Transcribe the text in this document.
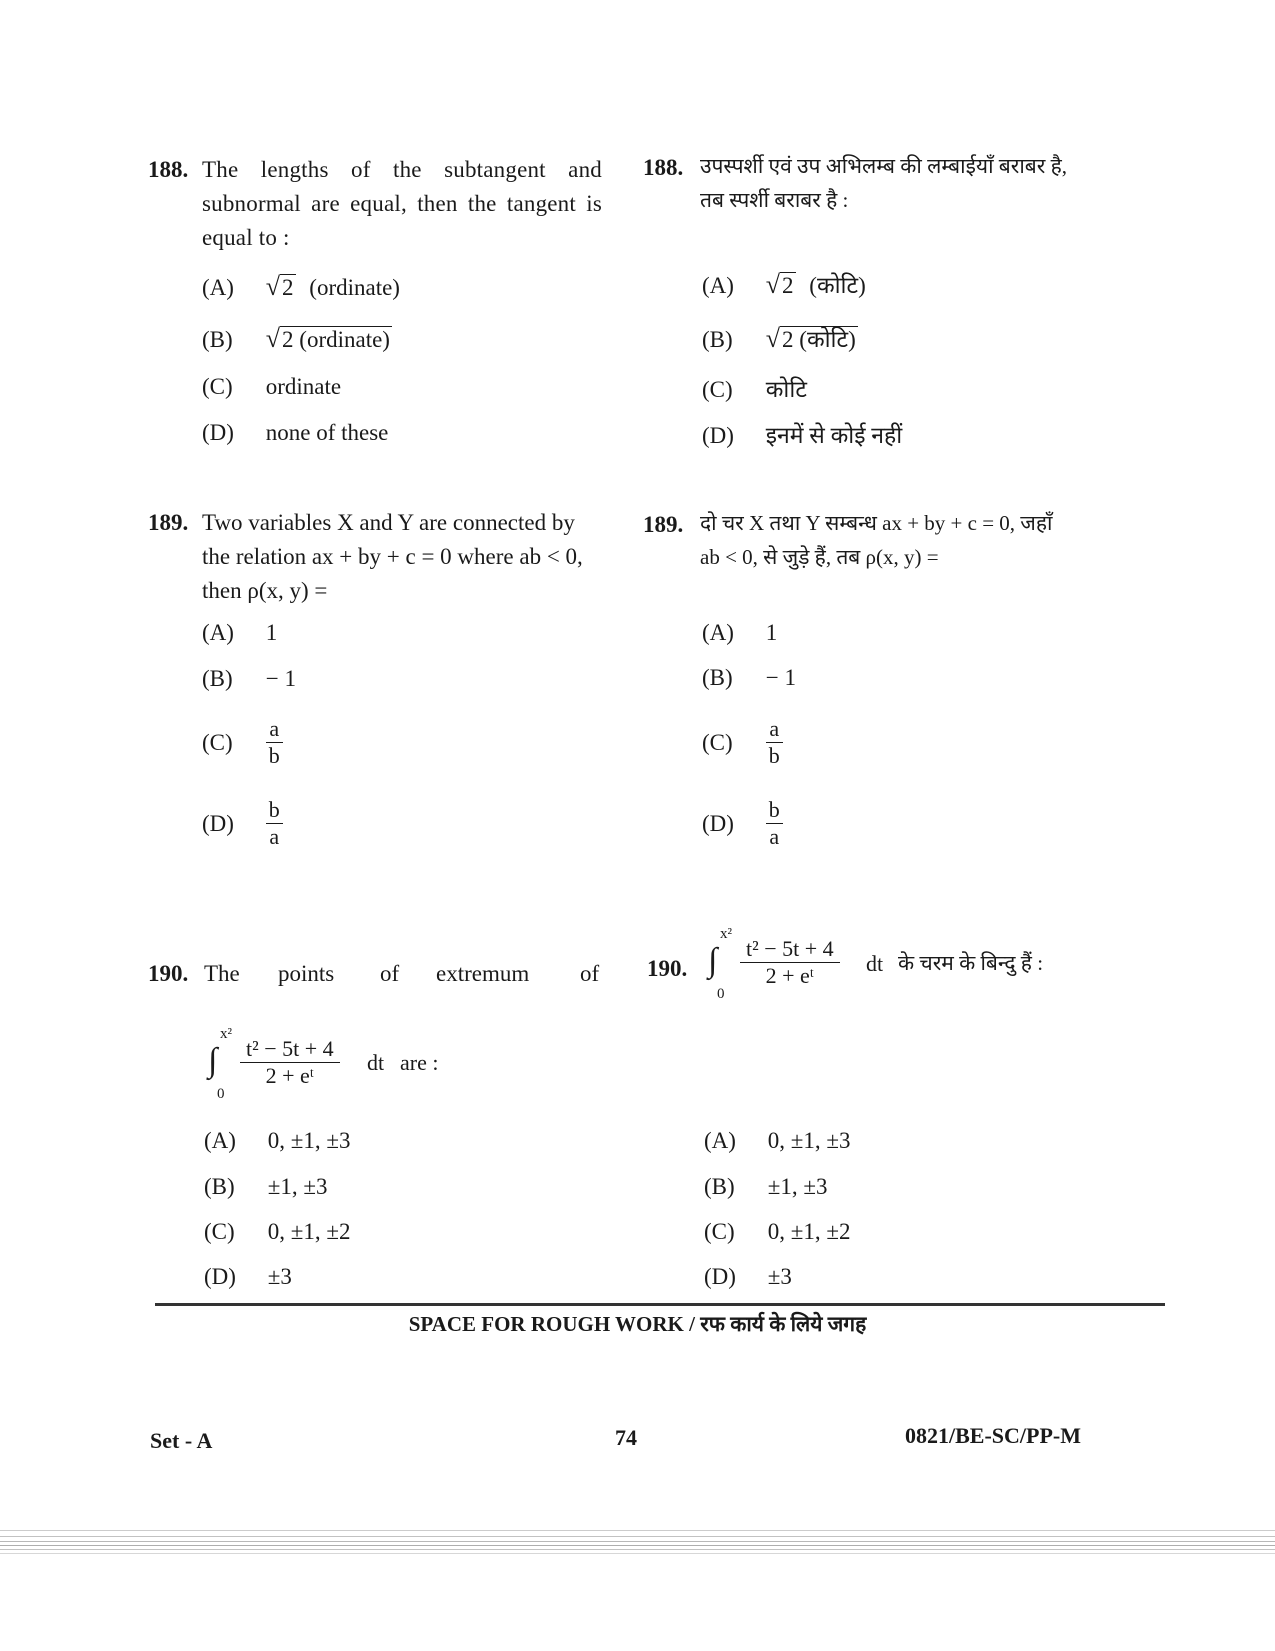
188. The lengths of the subtangent and subnormal are equal, then the tangent is equal to :
(A) √2 (ordinate)
(B) √2 (ordinate)
(C) ordinate
(D) none of these
188. उपस्पर्शी एवं उप अभिलम्ब की लम्बाईयाँ बराबर है,
तब स्पर्शी बराबर है :
(A) √2 (कोटि)
(B) √2 (कोटि)
(C) कोटि
(D) इनमें से कोई नहीं
189. Two variables X and Y are connected by
the relation ax + by + c = 0 where ab < 0,
then ρ(x, y) =
(A) 1
(B) − 1
$(C) \frac{a}{b}$
$(D) \frac{b}{a}$
189. दो चर X तथा Y सम्बन्ध ax + by + c = 0, जहाँ
ab < 0, से जुड़े हैं, तब ρ(x, y) =
(A) 1
(B) − 1
$(C) \frac{a}{b}$
$(D) \frac{b}{a}$
190. The points of extremum of
x²
∫
0
$\frac{\text{t² − 5t + 4}}{\text{2 + eᵗ}}$ dt are :
(A) 0, ±1, ±3
(B) ±1, ±3
(C) 0, ±1, ±2
(D) ±3
190.
x²
∫
0
$\frac{\text{t² − 5t + 4}}{\text{2 + eᵗ}}$ dt के चरम के बिन्दु हैं :
(A) 0, ±1, ±3
(B) ±1, ±3
(C) 0, ±1, ±2
(D) ±3
SPACE FOR ROUGH WORK / रफ कार्य के लिये जगह
Set - A	74	0821/BE-SC/PP-M
